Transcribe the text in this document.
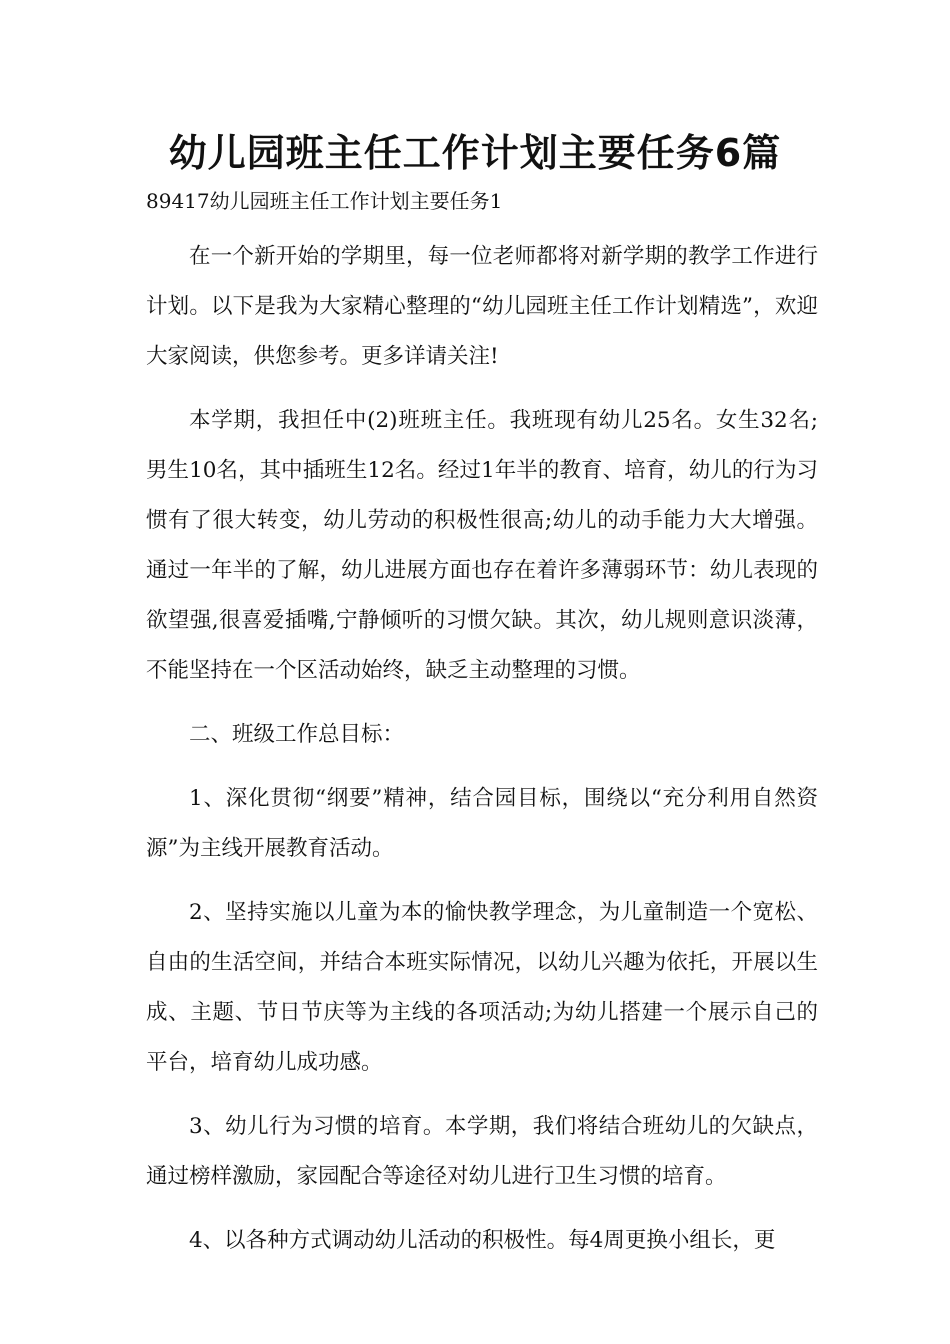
幼儿园班主任工作计划主要任务6篇

89417幼儿园班主任工作计划主要任务1

在一个新开始的学期里，每一位老师都将对新学期的教学工作进行计划。以下是我为大家精心整理的“幼儿园班主任工作计划精选”，欢迎大家阅读，供您参考。更多详请关注!

本学期，我担任中(2)班班主任。我班现有幼儿25名。女生32名;男生10名，其中插班生12名。经过1年半的教育、培育，幼儿的行为习惯有了很大转变，幼儿劳动的积极性很高;幼儿的动手能力大大增强。通过一年半的了解，幼儿进展方面也存在着许多薄弱环节：幼儿表现的欲望强,很喜爱插嘴,宁静倾听的习惯欠缺。其次，幼儿规则意识淡薄，不能坚持在一个区活动始终，缺乏主动整理的习惯。

二、班级工作总目标：

1、深化贯彻“纲要”精神，结合园目标，围绕以“充分利用自然资源”为主线开展教育活动。

2、坚持实施以儿童为本的愉快教学理念，为儿童制造一个宽松、自由的生活空间，并结合本班实际情况，以幼儿兴趣为依托，开展以生成、主题、节日节庆等为主线的各项活动;为幼儿搭建一个展示自己的平台，培育幼儿成功感。

3、幼儿行为习惯的培育。本学期，我们将结合班幼儿的欠缺点，通过榜样激励，家园配合等途径对幼儿进行卫生习惯的培育。

4、以各种方式调动幼儿活动的积极性。每4周更换小组长，更
